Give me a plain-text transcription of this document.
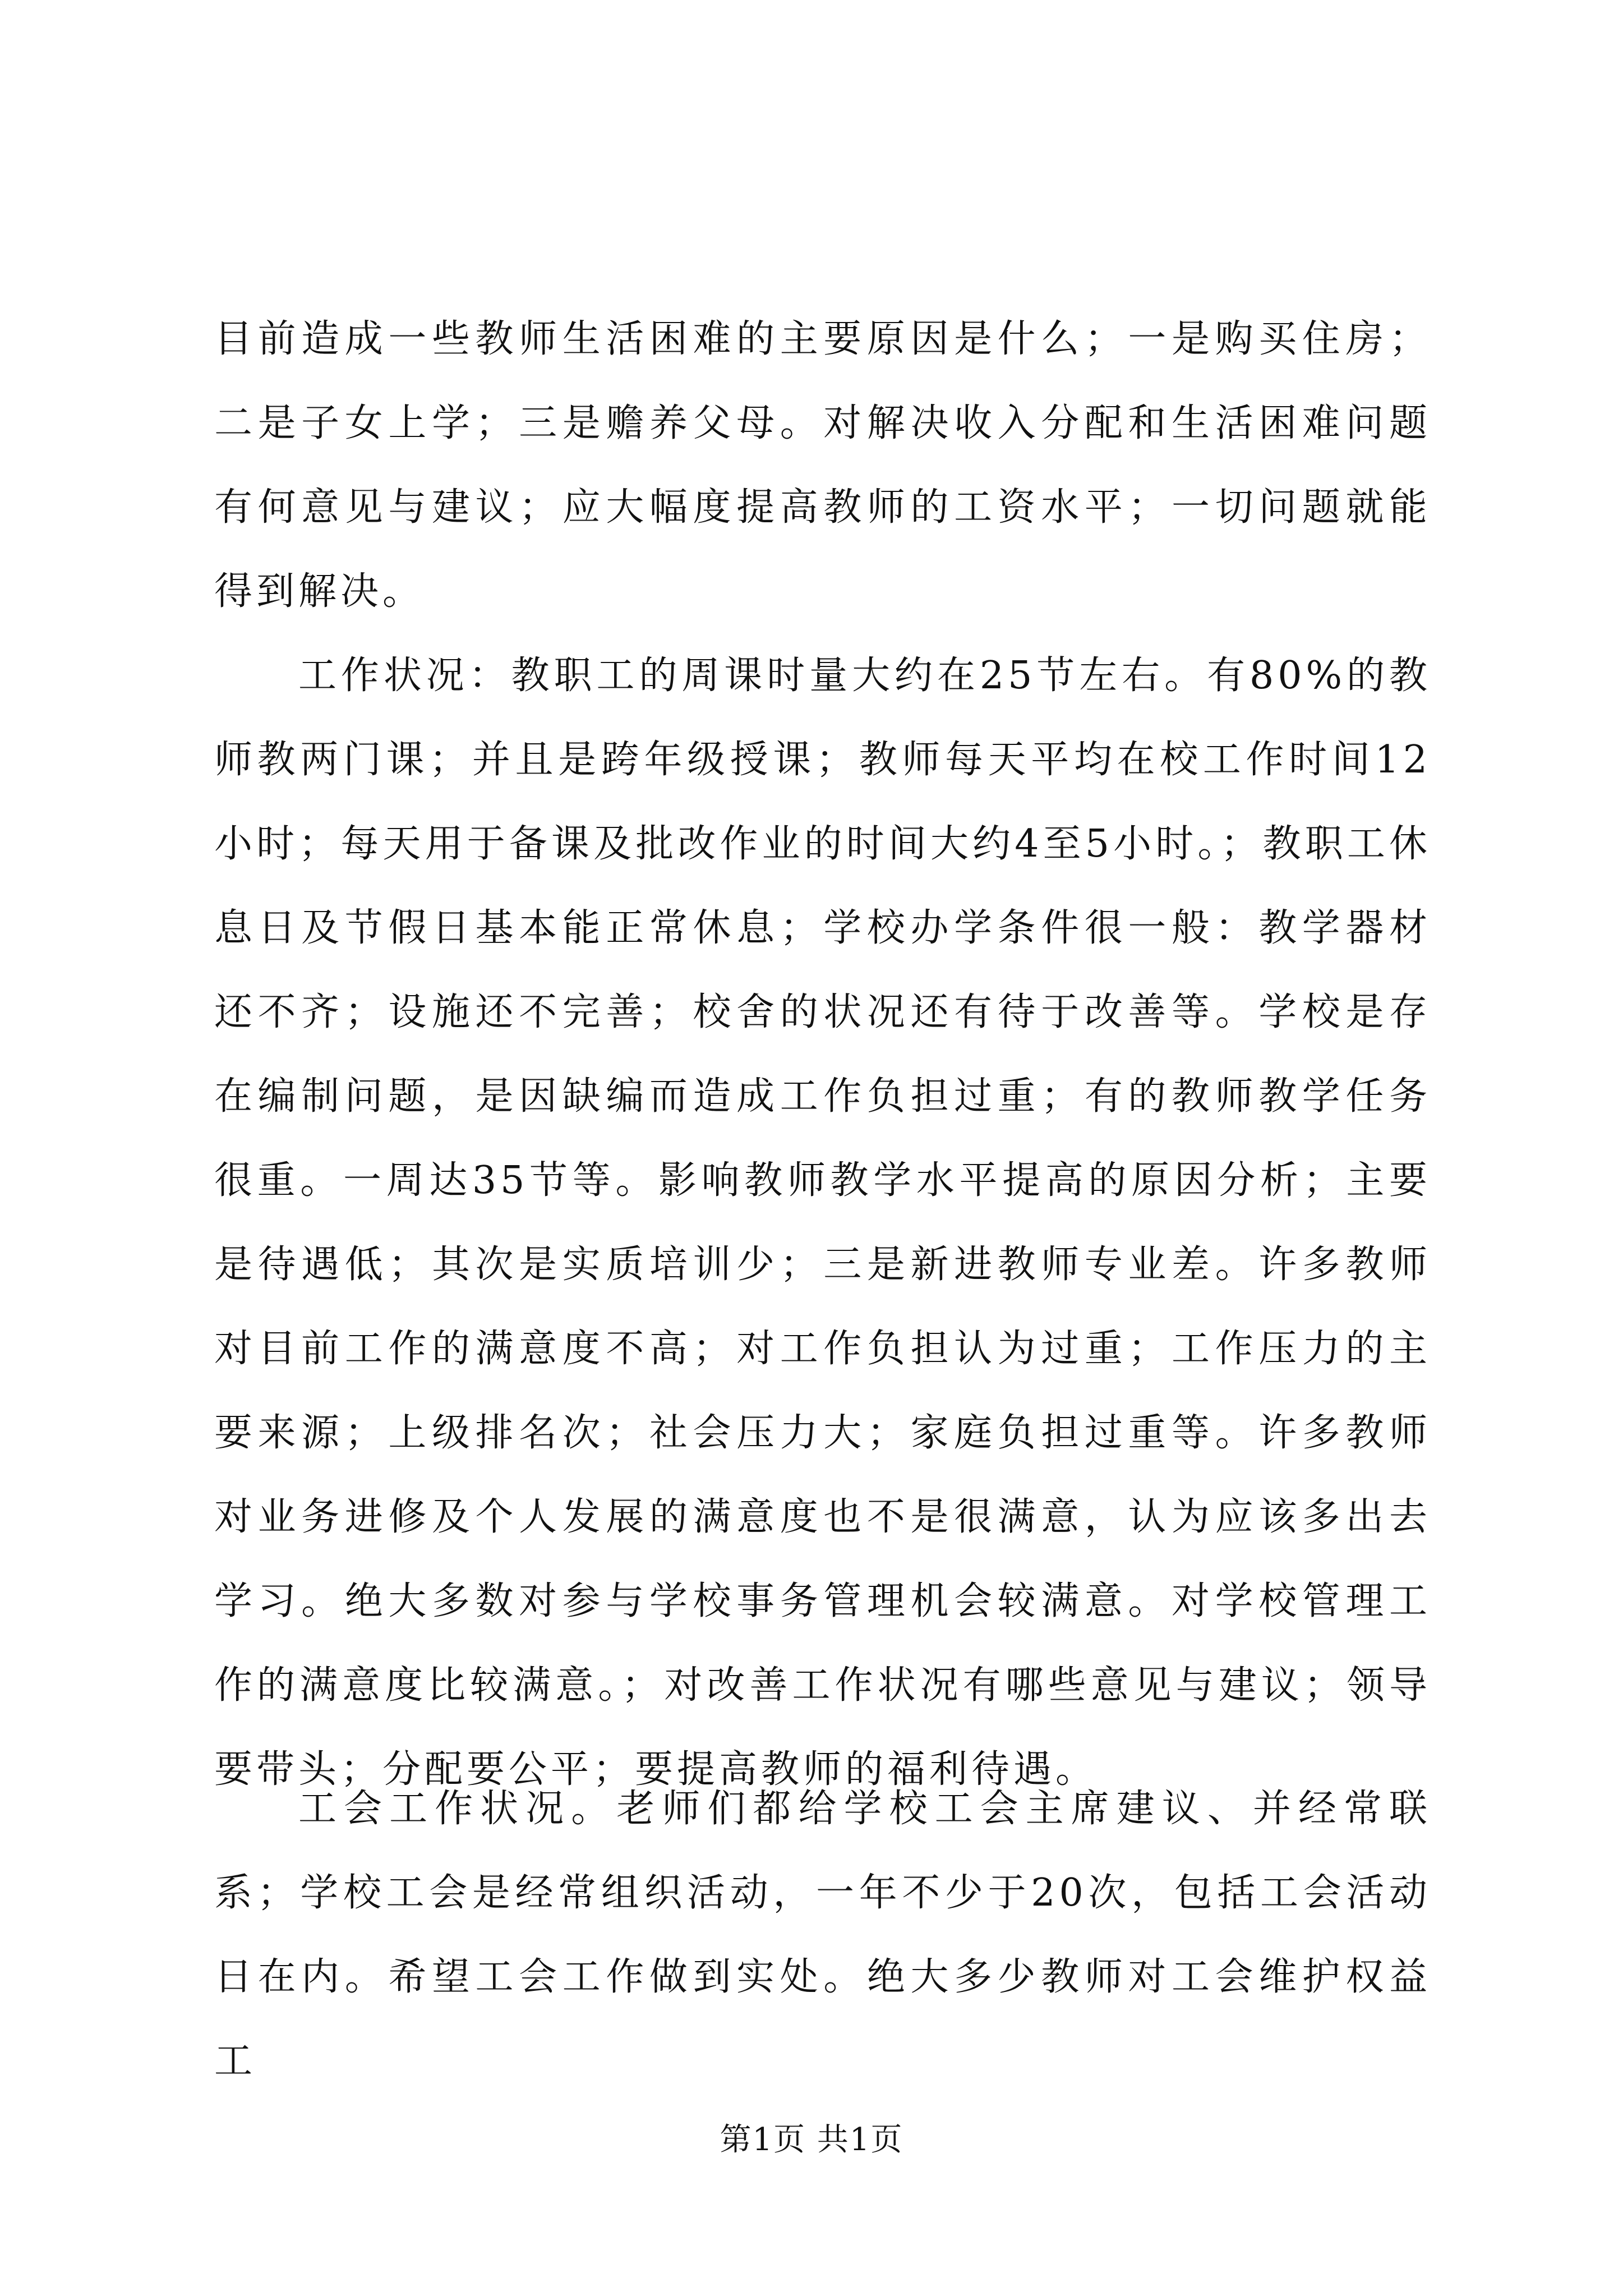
目前造成一些教师生活困难的主要原因是什么；一是购买住房；二是子女上学；三是赡养父母。对解决收入分配和生活困难问题有何意见与建议；应大幅度提高教师的工资水平；一切问题就能得到解决。

工作状况：教职工的周课时量大约在25节左右。有80%的教师教两门课；并且是跨年级授课；教师每天平均在校工作时间12小时；每天用于备课及批改作业的时间大约4至5小时。；教职工休息日及节假日基本能正常休息；学校办学条件很一般：教学器材还不齐；设施还不完善；校舍的状况还有待于改善等。学校是存在编制问题，是因缺编而造成工作负担过重；有的教师教学任务很重。一周达35节等。影响教师教学水平提高的原因分析；主要是待遇低；其次是实质培训少；三是新进教师专业差。许多教师对目前工作的满意度不高；对工作负担认为过重；工作压力的主要来源；上级排名次；社会压力大；家庭负担过重等。许多教师对业务进修及个人发展的满意度也不是很满意，认为应该多出去学习。绝大多数对参与学校事务管理机会较满意。对学校管理工作的满意度比较满意。；对改善工作状况有哪些意见与建议；领导要带头；分配要公平；要提高教师的福利待遇。

工会工作状况。老师们都给学校工会主席建议、并经常联系；学校工会是经常组织活动，一年不少于20次，包括工会活动日在内。希望工会工作做到实处。绝大多少教师对工会维护权益工

第1页 共1页
